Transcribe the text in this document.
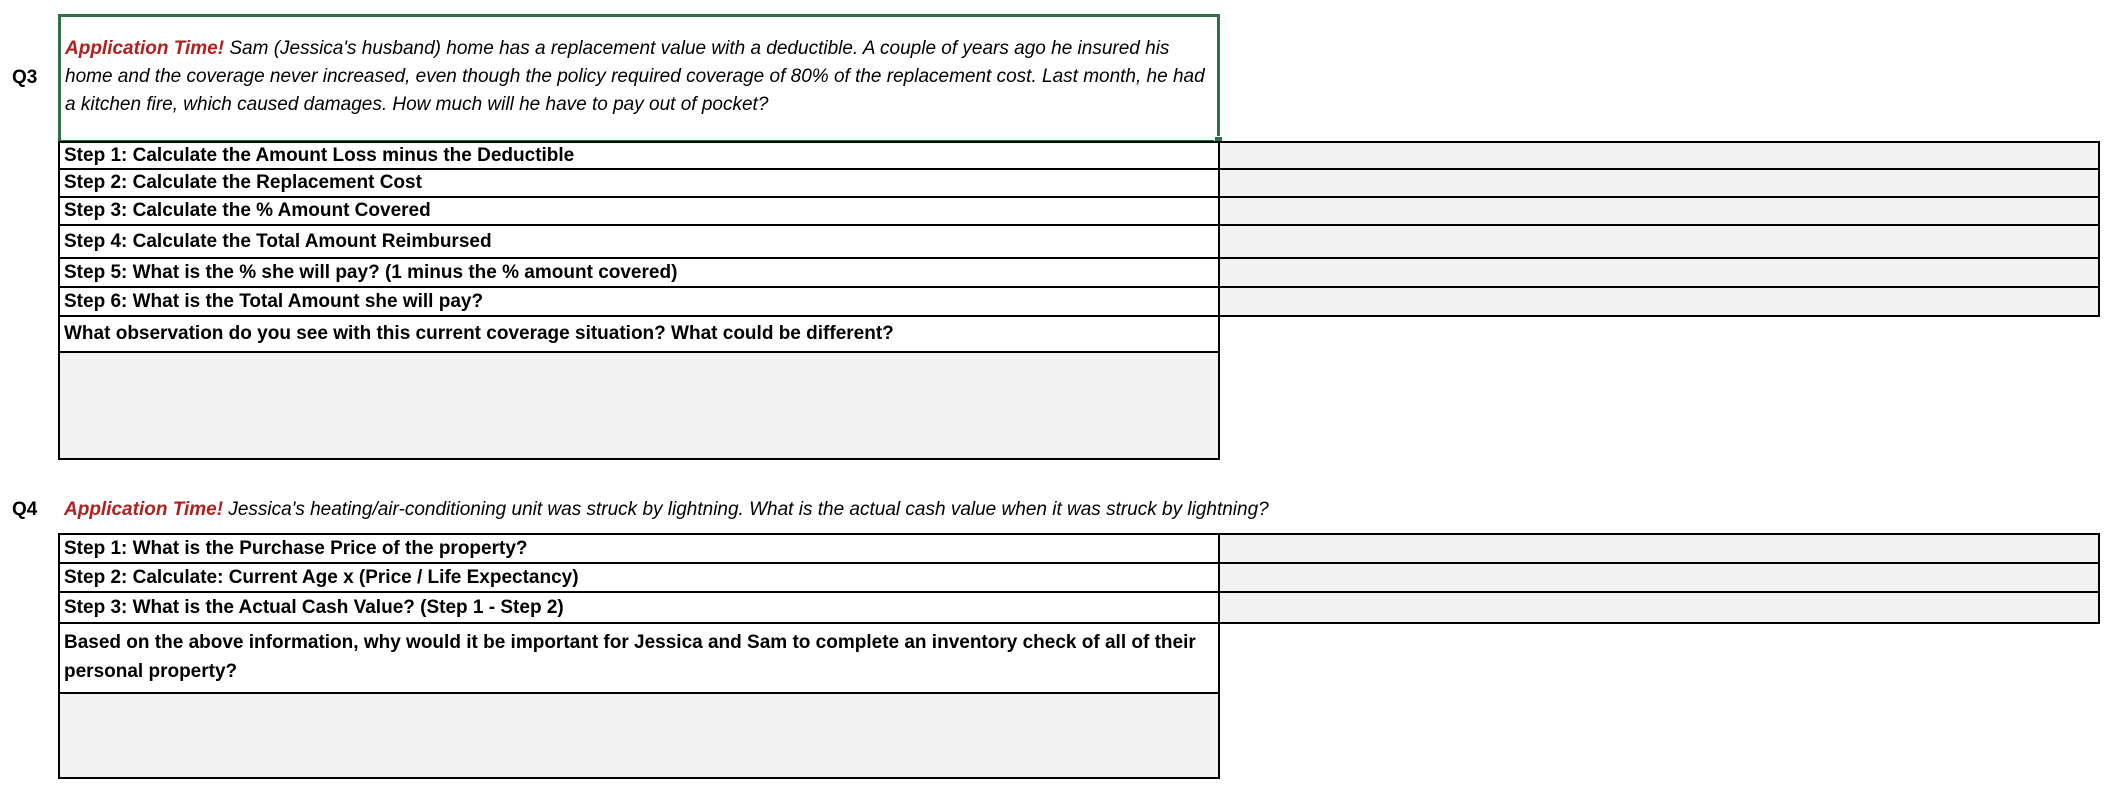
Q3
Application Time! Sam (Jessica's husband) home has a replacement value with a deductible. A couple of years ago he insured his home and the coverage never increased, even though the policy required coverage of 80% of the replacement cost. Last month, he had a kitchen fire, which caused damages. How much will he have to pay out of pocket?
Step 1: Calculate the Amount Loss minus the Deductible
Step 2: Calculate the Replacement Cost
Step 3: Calculate the % Amount Covered
Step 4: Calculate the Total Amount Reimbursed
Step 5: What is the % she will pay? (1 minus the % amount covered)
Step 6: What is the Total Amount she will pay?
What observation do you see with this current coverage situation? What could be different?
Q4 Application Time! Jessica's heating/air-conditioning unit was struck by lightning. What is the actual cash value when it was struck by lightning?
Step 1: What is the Purchase Price of the property?
Step 2: Calculate: Current Age x (Price / Life Expectancy)
Step 3: What is the Actual Cash Value? (Step 1 - Step 2)
Based on the above information, why would it be important for Jessica and Sam to complete an inventory check of all of their personal property?
